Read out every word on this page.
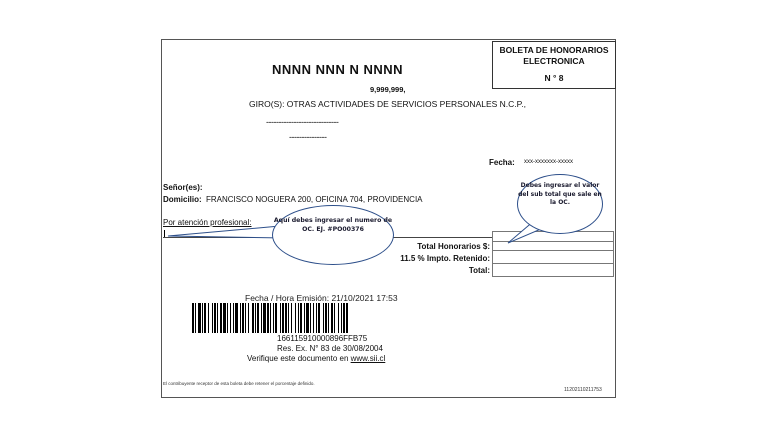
BOLETA DE HONORARIOS
ELECTRONICA
N ° 8
NNNN NNN N NNNN
9,999,999,
GIRO(S): OTRAS ACTIVIDADES DE SERVICIOS PERSONALES N.C.P.,
-----------------------------
---------------
Fecha: xxx-xxxxxxx-xxxxx
Señor(es):
Domicilio: FRANCISCO NOGUERA 200, OFICINA 704, PROVIDENCIA
Por atención profesional:
Total Honorarios $:
11.5 % Impto. Retenido:
Total:
Fecha / Hora Emisión: 21/10/2021 17:53
166115910000896FFB75
Res. Ex. N° 83 de 30/08/2004
Verifique este documento en www.sii.cl
El contribuyente receptor de esta boleta debe retener el porcentaje definido.
11202110211753
Aquí debes ingresar el numero de OC. EJ. #PO00376
Debes ingresar el valor del sub total que sale en la OC.
